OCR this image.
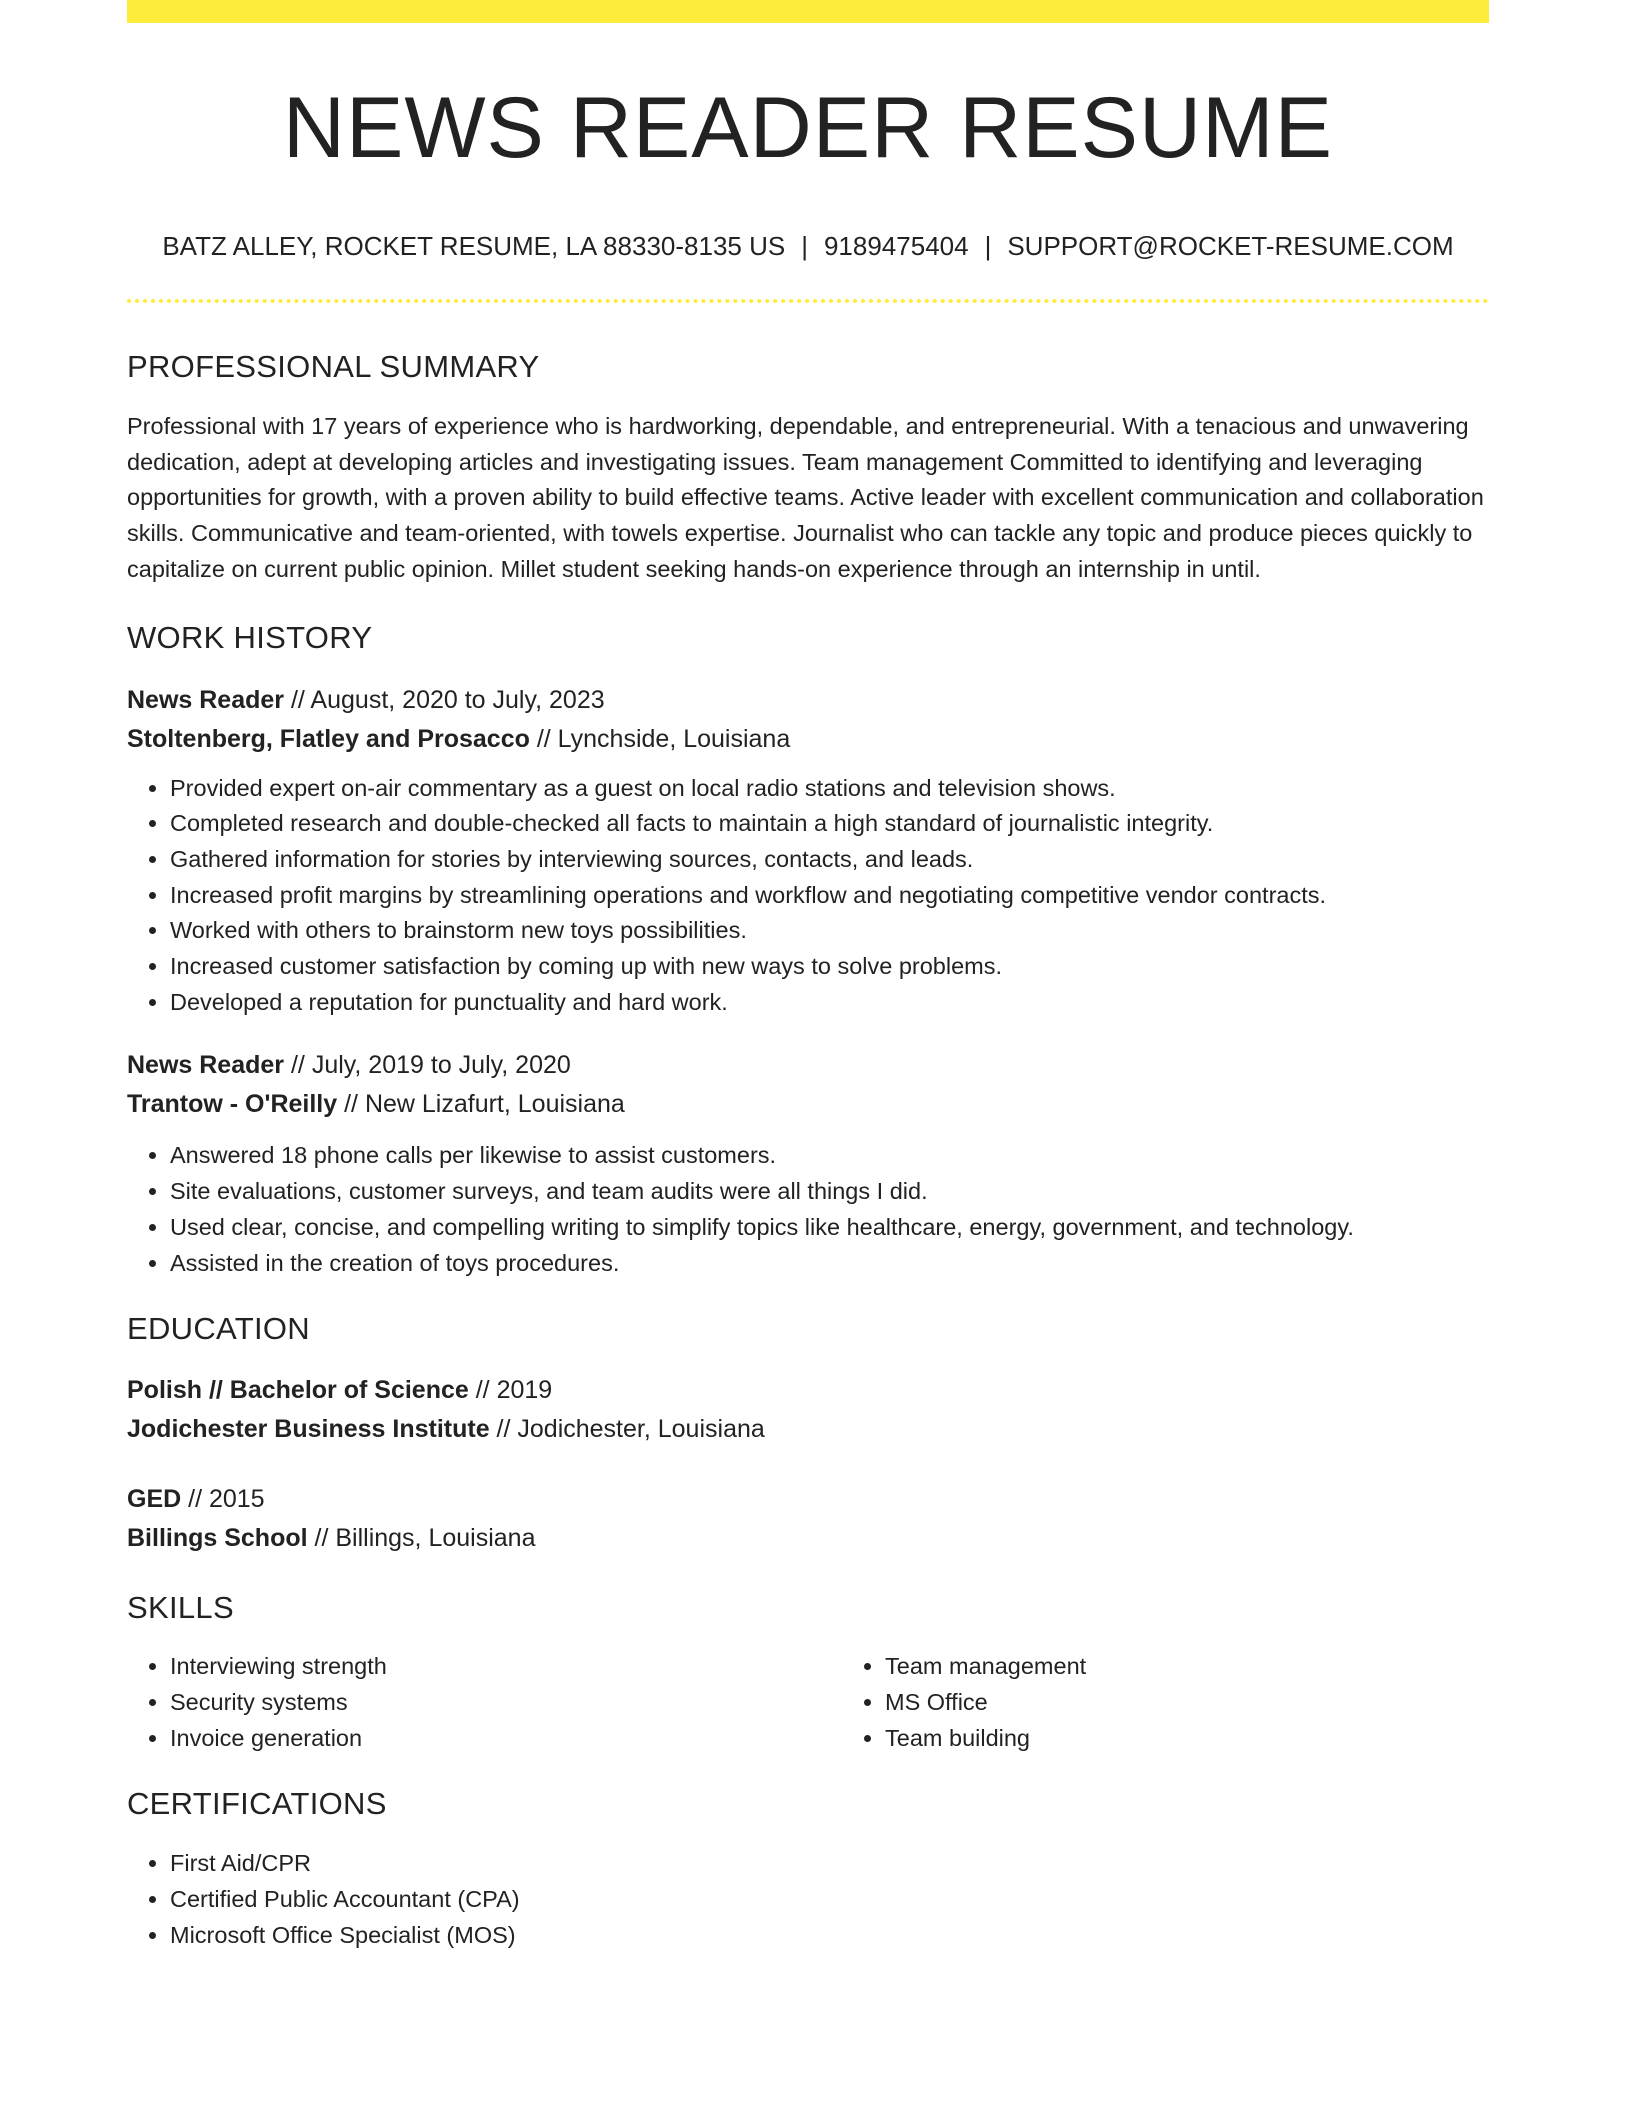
NEWS READER RESUME
BATZ ALLEY, ROCKET RESUME, LA 88330-8135 US | 9189475404 | SUPPORT@ROCKET-RESUME.COM
PROFESSIONAL SUMMARY

Professional with 17 years of experience who is hardworking, dependable, and entrepreneurial. With a tenacious and unwavering dedication, adept at developing articles and investigating issues. Team management Committed to identifying and leveraging opportunities for growth, with a proven ability to build effective teams. Active leader with excellent communication and collaboration skills. Communicative and team-oriented, with towels expertise. Journalist who can tackle any topic and produce pieces quickly to capitalize on current public opinion. Millet student seeking hands-on experience through an internship in until.

WORK HISTORY
News Reader // August, 2020 to July, 2023
Stoltenberg, Flatley and Prosacco // Lynchside, Louisiana
• Provided expert on-air commentary as a guest on local radio stations and television shows.
• Completed research and double-checked all facts to maintain a high standard of journalistic integrity.
• Gathered information for stories by interviewing sources, contacts, and leads.
• Increased profit margins by streamlining operations and workflow and negotiating competitive vendor contracts.
• Worked with others to brainstorm new toys possibilities.
• Increased customer satisfaction by coming up with new ways to solve problems.
• Developed a reputation for punctuality and hard work.
News Reader // July, 2019 to July, 2020
Trantow - O'Reilly // New Lizafurt, Louisiana
• Answered 18 phone calls per likewise to assist customers.
• Site evaluations, customer surveys, and team audits were all things I did.
• Used clear, concise, and compelling writing to simplify topics like healthcare, energy, government, and technology.
• Assisted in the creation of toys procedures.
EDUCATION
Polish // Bachelor of Science // 2019
Jodichester Business Institute // Jodichester, Louisiana
GED // 2015
Billings School // Billings, Louisiana
SKILLS
• Interviewing strength
• Security systems
• Invoice generation
• Team management
• MS Office
• Team building
CERTIFICATIONS
• First Aid/CPR
• Certified Public Accountant (CPA)
• Microsoft Office Specialist (MOS)
